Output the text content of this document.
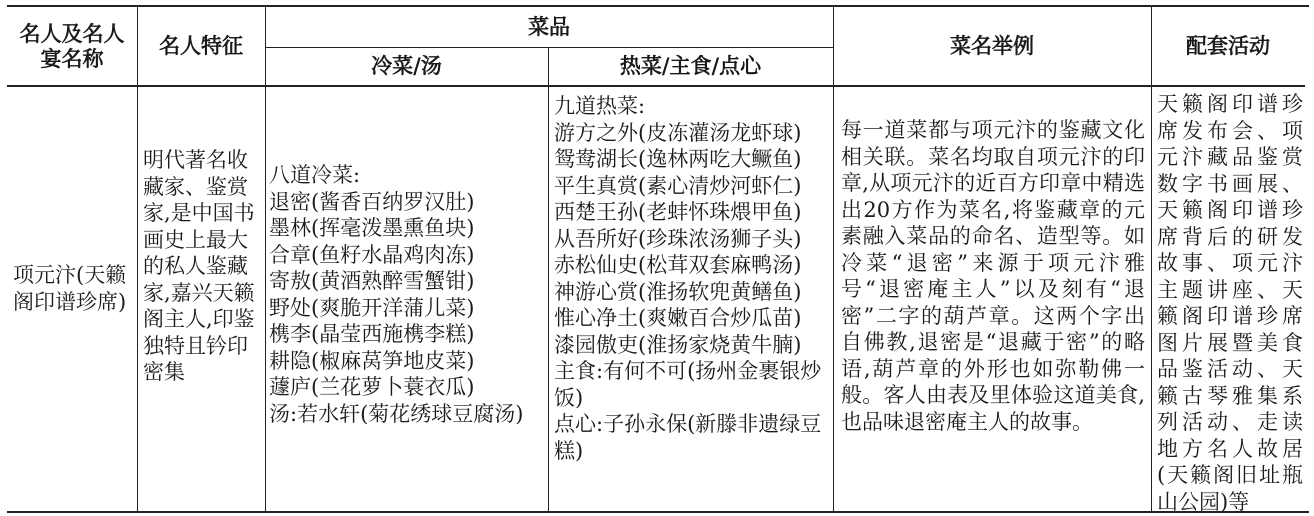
名人及名人
宴名称
名人特征
菜品
冷菜/汤	热菜/主食/点心
菜名举例	配套活动
项元汴(天籁阁印谱珍席)
明代著名收藏家、鉴赏家,是中国书画史上最大的私人鉴藏家,嘉兴天籁阁主人,印鉴独特且钤印密集
八道冷菜:
退密(酱香百纳罗汉肚)
墨林(挥毫泼墨熏鱼块)
合章(鱼籽水晶鸡肉冻)
寄敖(黄酒熟醉雪蟹钳)
野处(爽脆开洋蒲儿菜)
槜李(晶莹西施槜李糕)
耕隐(椒麻莴笋地皮菜)
蘧庐(兰花萝卜蓑衣瓜)
汤:若水轩(菊花绣球豆腐汤)
九道热菜:
游方之外(皮冻灌汤龙虾球)
鸳鸯湖长(逸林两吃大鳜鱼)
平生真赏(素心清炒河虾仁)
西楚王孙(老蚌怀珠煨甲鱼)
从吾所好(珍珠浓汤狮子头)
赤松仙史(松茸双套麻鸭汤)
神游心赏(淮扬软兜黄鳝鱼)
惟心净土(爽嫩百合炒瓜苗)
漆园傲吏(淮扬家烧黄牛腩)
主食:有何不可(扬州金裹银炒饭)
点心:子孙永保(新滕非遗绿豆糕)
每一道菜都与项元汴的鉴藏文化相关联。菜名均取自项元汴的印章,从项元汴的近百方印章中精选出20方作为菜名,将鉴藏章的元素融入菜品的命名、造型等。如冷菜“退密”来源于项元汴雅号“退密庵主人”以及刻有“退密”二字的葫芦章。这两个字出自佛教,退密是“退藏于密”的略语,葫芦章的外形也如弥勒佛一般。客人由表及里体验这道美食,也品味退密庵主人的故事。
天籁阁印谱珍席发布会、项元汴藏品鉴赏数字书画展、天籁阁印谱珍席背后的研发故事、项元汴主题讲座、天籁阁印谱珍席图片展暨美食品鉴活动、天籁古琴雅集系列活动、走读地方名人故居(天籁阁旧址瓶山公园)等
